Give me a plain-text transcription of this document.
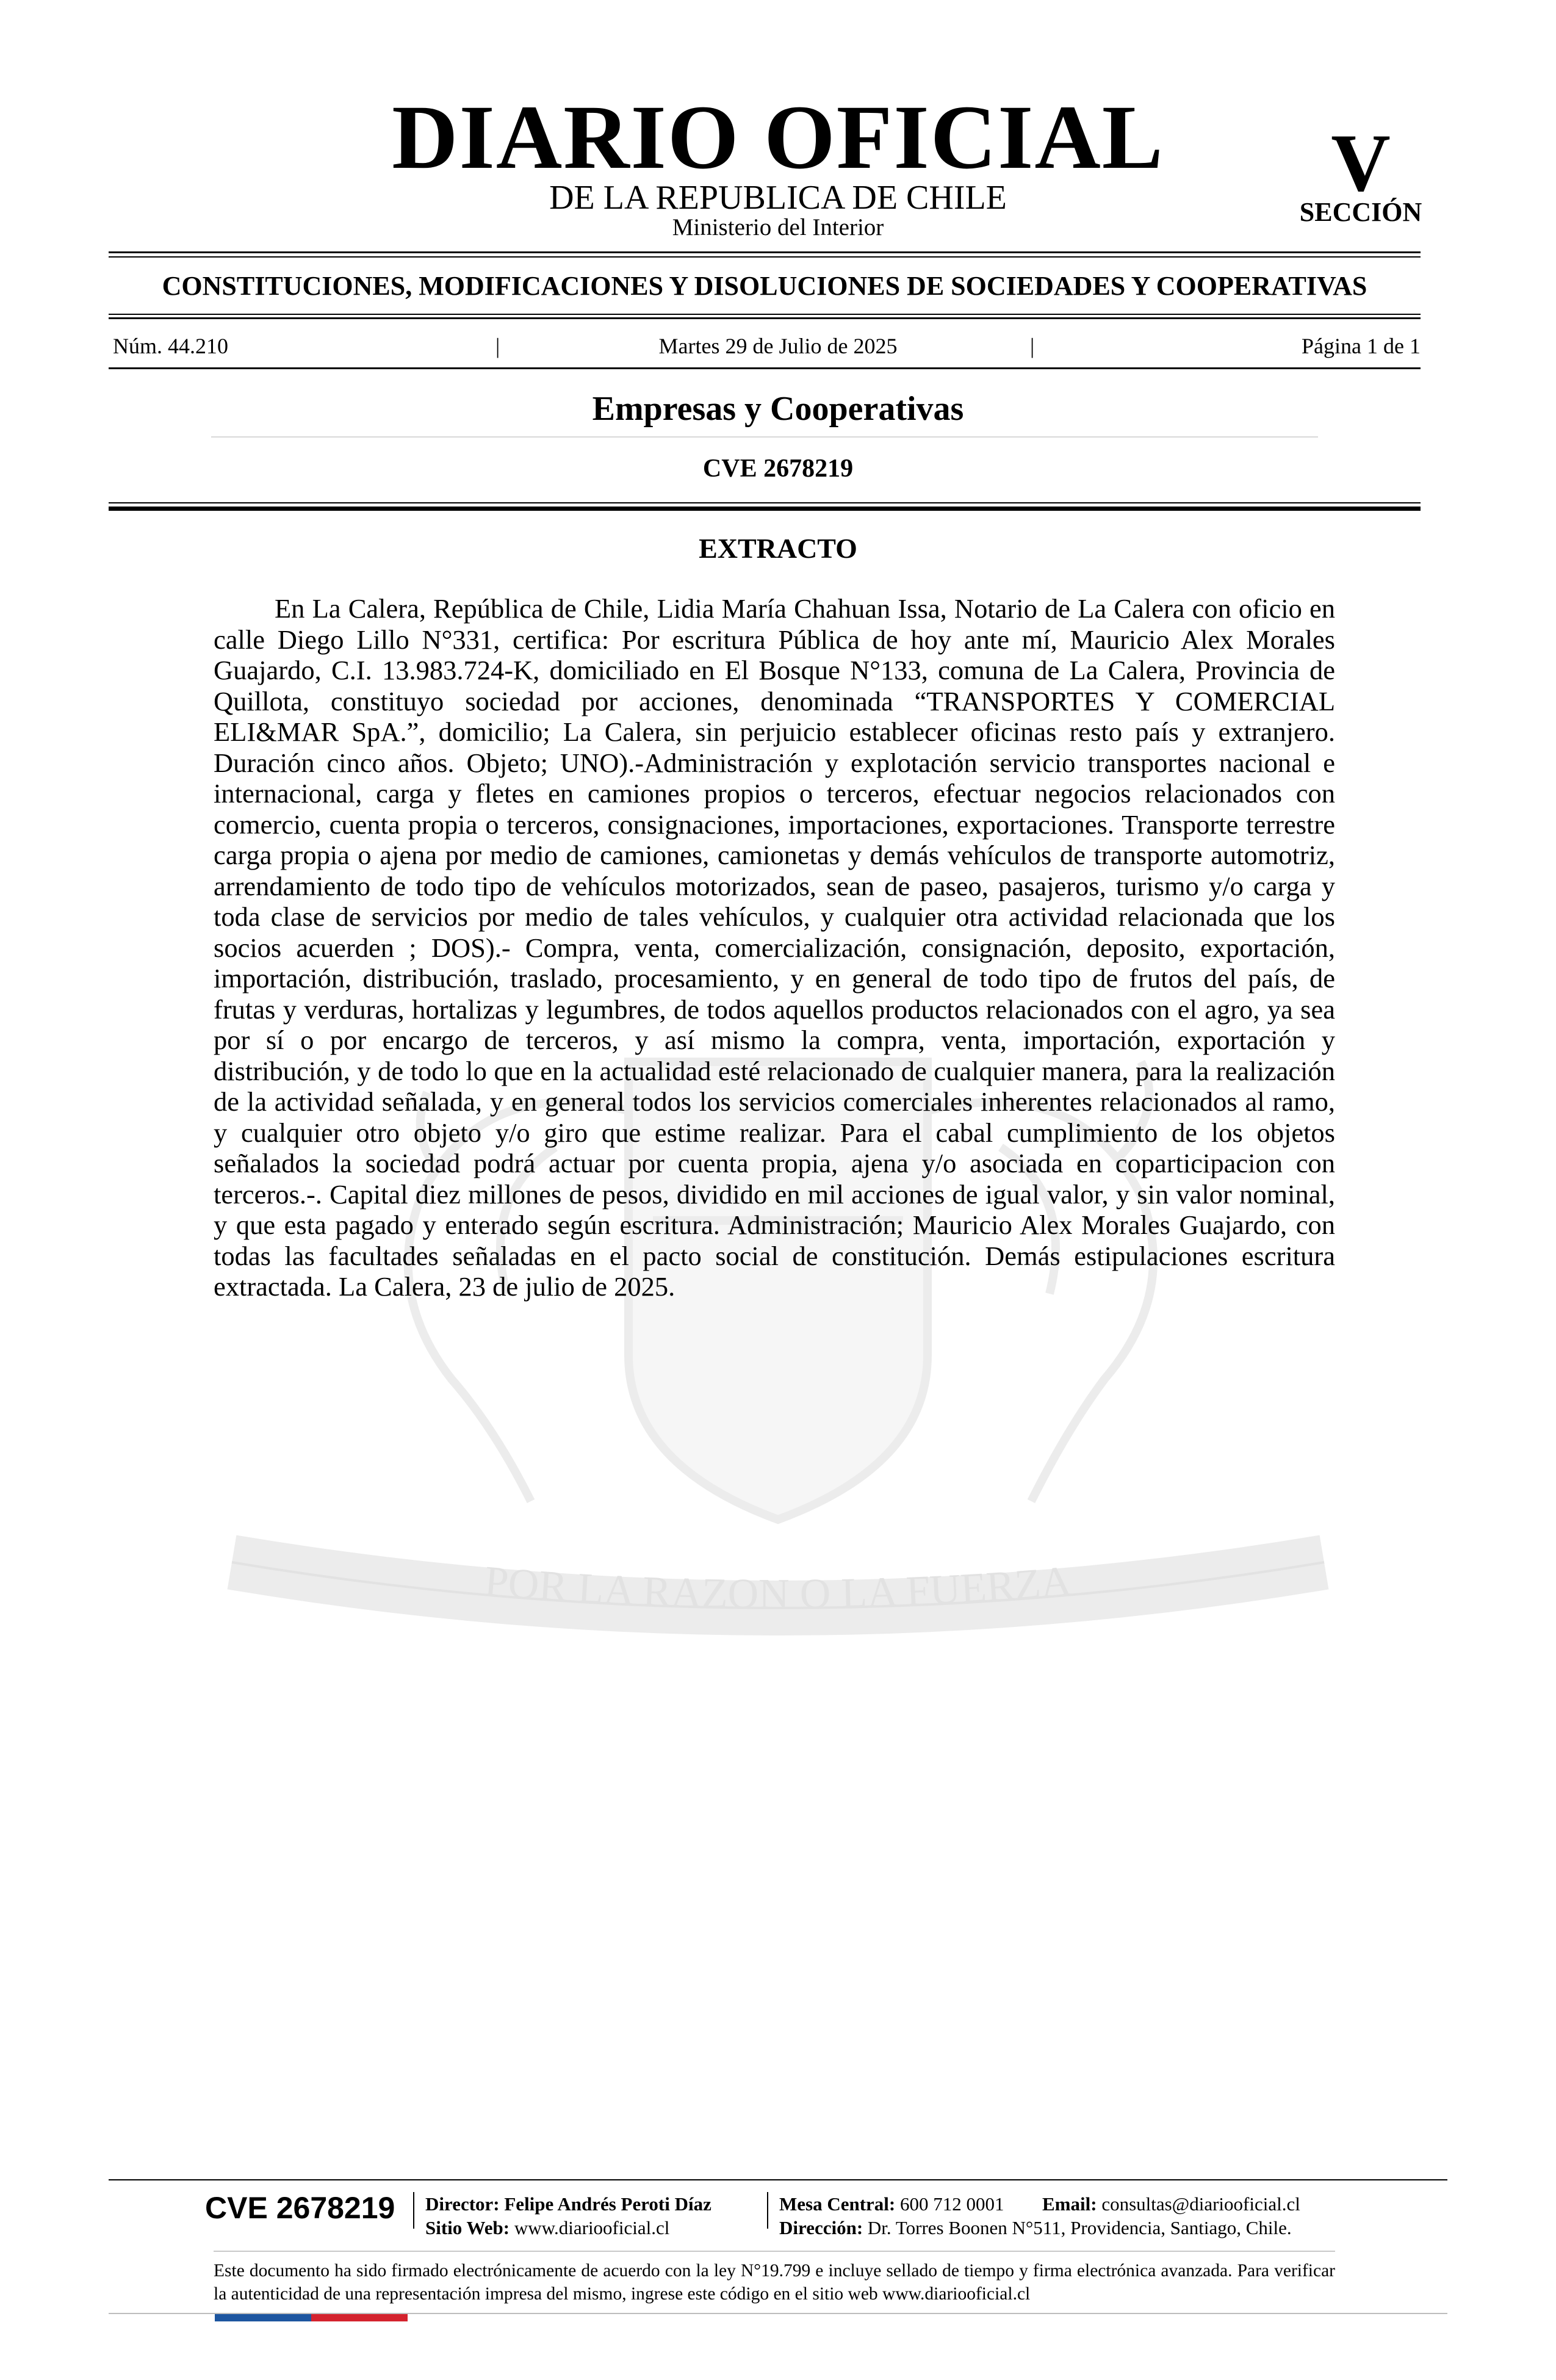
POR LA RAZON O LA FUERZA
DIARIO OFICIAL
DE LA REPUBLICA DE CHILE
Ministerio del Interior
V
SECCIÓN
CONSTITUCIONES, MODIFICACIONES Y DISOLUCIONES DE SOCIEDADES Y COOPERATIVAS
Núm. 44.210	|	Martes 29 de Julio de 2025	|	Página 1 de 1
Empresas y Cooperativas
CVE 2678219
EXTRACTO

En La Calera, República de Chile, Lidia María Chahuan Issa, Notario de La Calera con oficio en calle Diego Lillo N°331, certifica: Por escritura Pública de hoy ante mí, Mauricio Alex Morales Guajardo, C.I. 13.983.724-K, domiciliado en El Bosque N°133, comuna de La Calera, Provincia de Quillota, constituyo sociedad por acciones, denominada “TRANSPORTES Y COMERCIAL ELI&MAR SpA.”, domicilio; La Calera, sin perjuicio establecer oficinas resto país y extranjero. Duración cinco años. Objeto; UNO).-Administración y explotación servicio transportes nacional e internacional, carga y fletes en camiones propios o terceros, efectuar negocios relacionados con comercio, cuenta propia o terceros, consignaciones, importaciones, exportaciones. Transporte terrestre carga propia o ajena por medio de camiones, camionetas y demás vehículos de transporte automotriz, arrendamiento de todo tipo de vehículos motorizados, sean de paseo, pasajeros, turismo y/o carga y toda clase de servicios por medio de tales vehículos, y cualquier otra actividad relacionada que los socios acuerden ; DOS).- Compra, venta, comercialización, consignación, deposito, exportación, importación, distribución, traslado, procesamiento, y en general de todo tipo de frutos del país, de frutas y verduras, hortalizas y legumbres, de todos aquellos productos relacionados con el agro, ya sea por sí o por encargo de terceros, y así mismo la compra, venta, importación, exportación y distribución, y de todo lo que en la actualidad esté relacionado de cualquier manera, para la realización de la actividad señalada, y en general todos los servicios comerciales inherentes relacionados al ramo, y cualquier otro objeto y/o giro que estime realizar. Para el cabal cumplimiento de los objetos señalados la sociedad podrá actuar por cuenta propia, ajena y/o asociada en coparticipacion con terceros.-. Capital diez millones de pesos, dividido en mil acciones de igual valor, y sin valor nominal, y que esta pagado y enterado según escritura. Administración; Mauricio Alex Morales Guajardo, con todas las facultades señaladas en el pacto social de constitución. Demás estipulaciones escritura extractada. La Calera, 23 de julio de 2025.

CVE 2678219 Director: Felipe Andrés Peroti Díaz
Sitio Web: www.diariooficial.cl
Mesa Central: 600 712 0001 Email: consultas@diariooficial.cl
Dirección: Dr. Torres Boonen N°511, Providencia, Santiago, Chile.

Este documento ha sido firmado electrónicamente de acuerdo con la ley N°19.799 e incluye sellado de tiempo y firma electrónica avanzada. Para verificar la autenticidad de una representación impresa del mismo, ingrese este código en el sitio web www.diariooficial.cl
